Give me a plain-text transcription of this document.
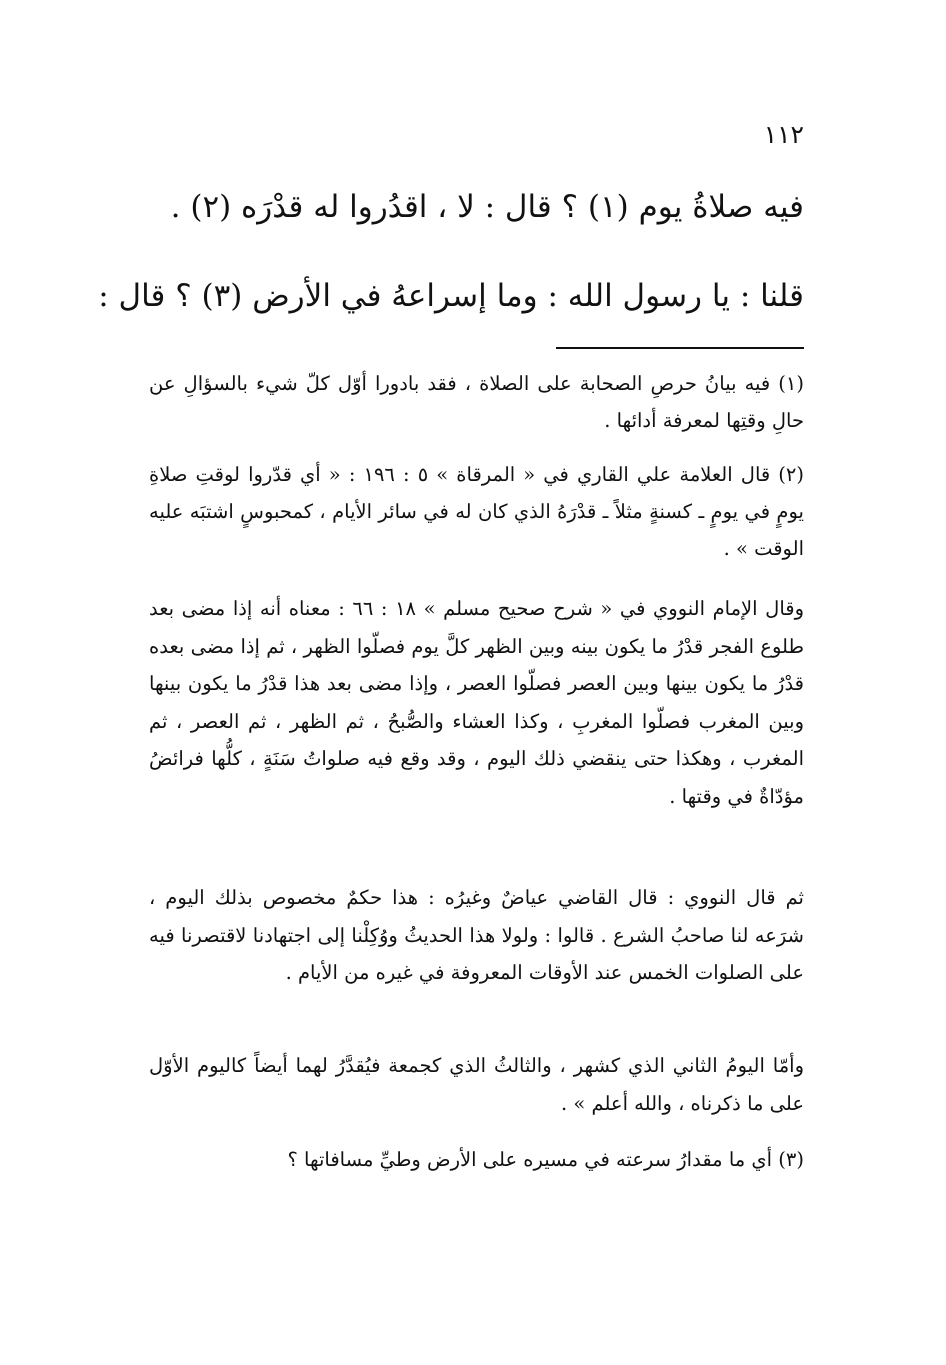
١١٢
فيه صلاةُ يوم (١) ؟ قال : لا ، اقدُروا له قدْرَه (٢) .
قلنا : يا رسول الله : وما إسراعهُ في الأرض (٣) ؟ قال :

(١) فيه بيانُ حرصِ الصحابة على الصلاة ، فقد بادورا أوّل كلّ شيء بالسؤالِ عن حالِ وقتِها لمعرفة أدائها .

(٢) قال العلامة علي القاري في « المرقاة » ٥ : ١٩٦ : « أي قدّروا لوقتِ صلاةِ يومٍ في يومٍ ـ كسنةٍ مثلاً ـ قدْرَهُ الذي كان له في سائر الأيام ، كمحبوسٍ اشتبَه عليه الوقت » .

وقال الإمام النووي في « شرح صحيح مسلم » ١٨ : ٦٦ : معناه أنه إذا مضى بعد طلوع الفجر قدْرُ ما يكون بينه وبين الظهر كلَّ يوم فصلّوا الظهر ، ثم إذا مضى بعده قدْرُ ما يكون بينها وبين العصر فصلّوا العصر ، وإذا مضى بعد هذا قدْرُ ما يكون بينها وبين المغرب فصلّوا المغربِ ، وكذا العشاء والصُّبحُ ، ثم الظهر ، ثم العصر ، ثم المغرب ، وهكذا حتى ينقضي ذلك اليوم ، وقد وقع فيه صلواتُ سَنَةٍ ، كلُّها فرائضُ مؤدّاةٌ في وقتها .

ثم قال النووي : قال القاضي عياضٌ وغيرُه : هذا حكمٌ مخصوص بذلك اليوم ، شرَعه لنا صاحبُ الشرع . قالوا : ولولا هذا الحديثُ ووُكِلْنا إلى اجتهادنا لاقتصرنا فيه على الصلوات الخمس عند الأوقات المعروفة في غيره من الأيام .

وأمّا اليومُ الثاني الذي كشهر ، والثالثُ الذي كجمعة فيُقدَّرُ لهما أيضاً كاليوم الأوّل على ما ذكرناه ، والله أعلم » .

(٣) أي ما مقدارُ سرعته في مسيره على الأرض وطيِّ مسافاتها ؟
